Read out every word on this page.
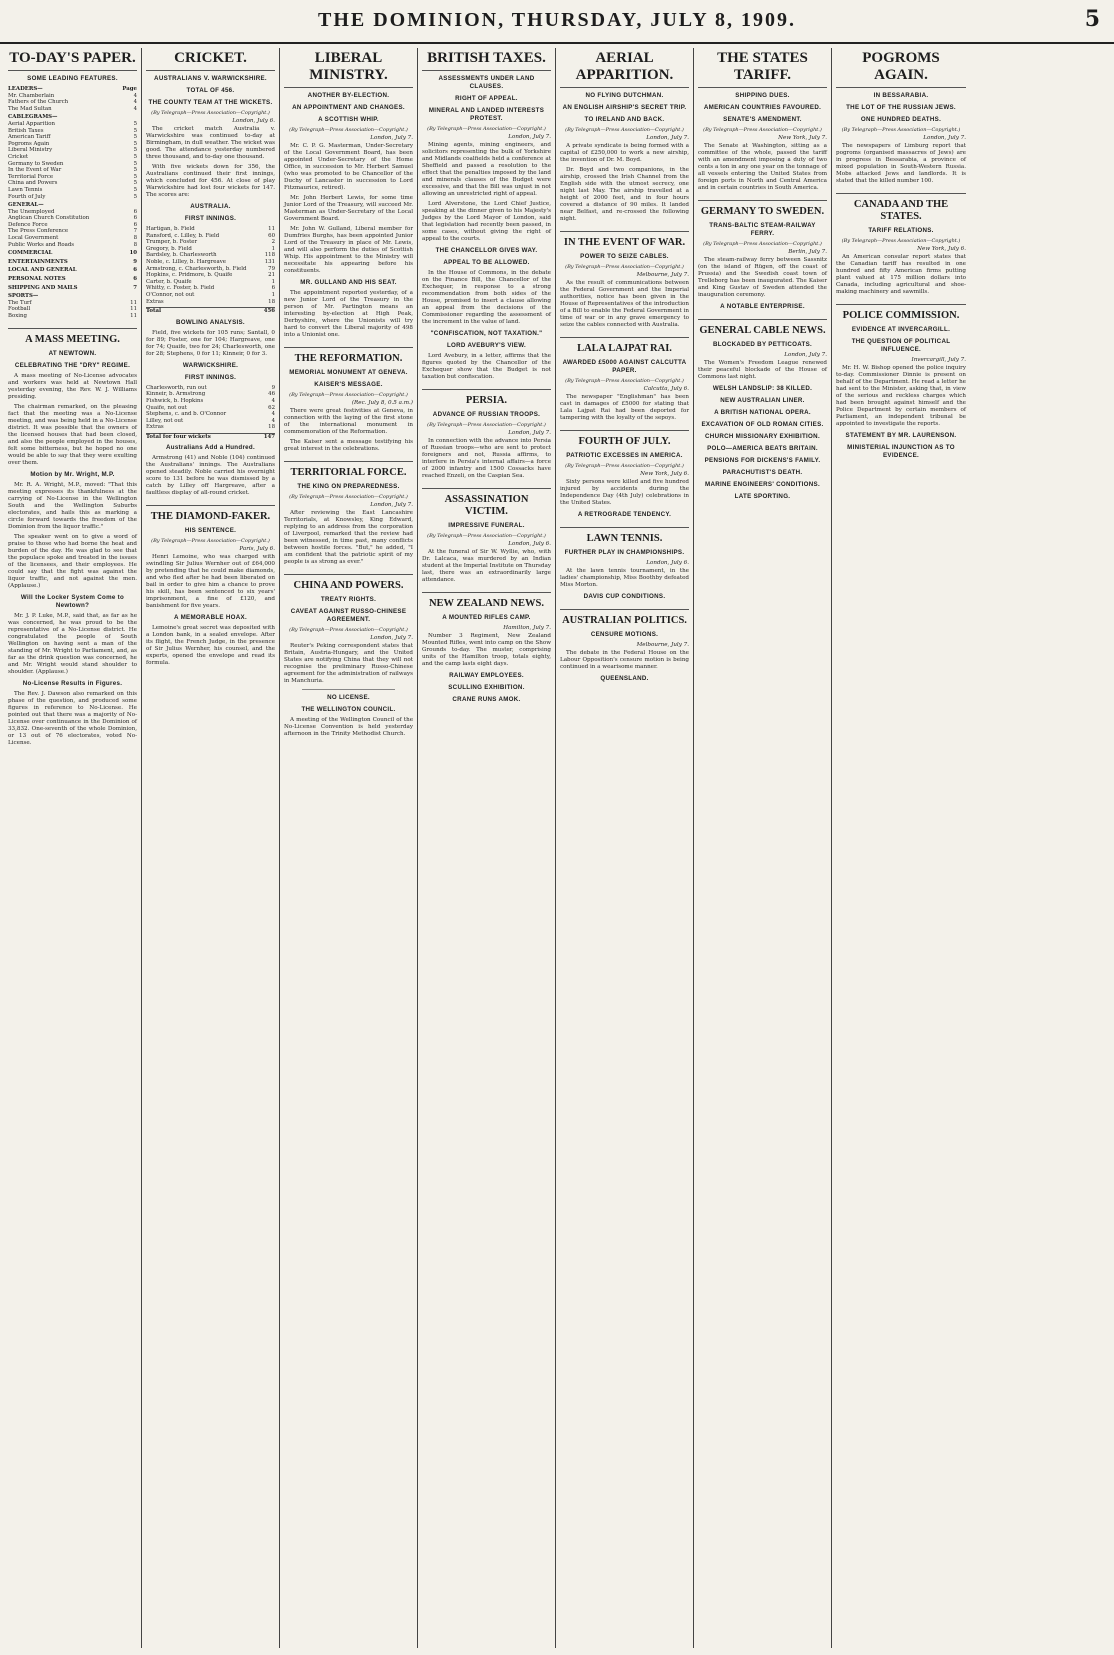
THE DOMINION, THURSDAY, JULY 8, 1909.	5
TO-DAY'S PAPER.
SOME LEADING FEATURES.
LEADERS—	Page
Mr. Chamberlain	4
Fathers of the Church	4
The Mad Sultan	4
CABLEGRAMS—
Aerial Apparition	5
British Taxes	5
American Tariff	5
Pogroms Again	5
Liberal Ministry	5
Cricket	5
Germany to Sweden	5
In the Event of War	5
Territorial Force	5
China and Powers	5
Lawn Tennis	5
Fourth of July	5
GENERAL—
The Unemployed	6
Anglican Church Constitution	6
Defence Force	6
The Press Conference	7
Local Government	8
Public Works and Roads	8
COMMERCIAL	10
ENTERTAINMENTS	9
LOCAL AND GENERAL	6
PERSONAL NOTES	6
SHIPPING AND MAILS	7
SPORTS—
The Turf	11
Football	11
Boxing	11
A MASS MEETING.
AT NEWTOWN.
CELEBRATING THE "DRY" REGIME.

A mass meeting of No-License advocates and workers was held at Newtown Hall yesterday evening, the Rev. W. J. Williams presiding.

The chairman remarked, on the pleasing fact that the meeting was a No-License meeting, and was being held in a No-License district. It was possible that the owners of the licensed houses that had been closed, and also the people employed in the houses, felt some bitterness, but he hoped no one would be able to say that they were exulting over them.

Motion by Mr. Wright, M.P.

Mr. R. A. Wright, M.P., moved: "That this meeting expresses its thankfulness at the carrying of No-License in the Wellington South and the Wellington Suburbs electorates, and hails this as marking a circle forward towards the freedom of the Dominion from the liquor traffic."

The speaker went on to give a word of praise to those who had borne the heat and burden of the day. He was glad to see that the populace spoke and treated in the issues of the licensees, and their employees. He could say that the fight was against the liquor traffic, and not against the men. (Applause.)

Will the Locker System Come to Newtown?

Mr. J. P. Luke, M.P., said that, as far as he was concerned, he was proud to be the representative of a No-License district. He congratulated the people of South Wellington on having sent a man of the standing of Mr. Wright to Parliament, and, as far as the drink question was concerned, he and Mr. Wright would stand shoulder to shoulder. (Applause.)

No-License Results in Figures.

The Rev. J. Dawson also remarked on this phase of the question, and produced some figures in reference to No-License. He pointed out that there was a majority of No-License over continuance in the Dominion of 33,832. One-seventh of the whole Dominion, or 13 out of 76 electorates, voted No-License.

CRICKET.
AUSTRALIANS V. WARWICKSHIRE.
TOTAL OF 456.
THE COUNTY TEAM AT THE WICKETS.
(By Telegraph—Press Association—Copyright.)
London, July 6.

The cricket match Australia v. Warwickshire was continued to-day at Birmingham, in dull weather. The wicket was good. The attendance yesterday numbered three thousand, and to-day one thousand.

With five wickets down for 356, the Australians continued their first innings, which concluded for 456. At close of play Warwickshire had lost four wickets for 147. The scores are:

AUSTRALIA.
FIRST INNINGS.
Hartigan, b. Field	11
Ransford, c. Lilley, b. Field	60
Trumper, b. Foster	2
Gregory, b. Field	1
Bardsley, b. Charlesworth	118
Noble, c. Lilley, b. Hargreave	131
Armstrong, c. Charlesworth, b. Field	79
Hopkins, c. Pridmore, b. Quaife	21
Carter, b. Quaife	1
Whitty, c. Foster, b. Field	6
O'Connor, not out	1
Extras	18
Total	456
BOWLING ANALYSIS.

Field, five wickets for 105 runs; Santall, 0 for 89; Foster, one for 104; Hargreave, one for 74; Quaife, two for 24; Charlesworth, one for 28; Stephens, 0 for 11; Kinneir, 0 for 3.

WARWICKSHIRE.
FIRST INNINGS.
Charlesworth, run out	9
Kinneir, b. Armstrong	46
Fishwick, b. Hopkins	4
Quaife, not out	62
Stephens, c. and b. O'Connor	4
Lilley, not out	4
Extras	18
Total for four wickets	147
Australians Add a Hundred.

Armstrong (41) and Noble (104) continued the Australians' innings. The Australians opened steadily. Noble carried his overnight score to 131 before he was dismissed by a catch by Lilley off Hargreave, after a faultless display of all-round cricket.

THE DIAMOND-FAKER.
HIS SENTENCE.
(By Telegraph—Press Association—Copyright.)
Paris, July 6.

Henri Lemoine, who was charged with swindling Sir Julius Wernher out of £64,000 by pretending that he could make diamonds, and who fled after he had been liberated on bail in order to give him a chance to prove his skill, has been sentenced to six years' imprisonment, a fine of £120, and banishment for five years.

A MEMORABLE HOAX.

Lemoine's great secret was deposited with a London bank, in a sealed envelope. After its flight, the French Judge, in the presence of Sir Julius Wernher, his counsel, and the experts, opened the envelope and read its formula.

LIBERAL MINISTRY.
ANOTHER BY-ELECTION.
AN APPOINTMENT AND CHANGES.
A SCOTTISH WHIP.
(By Telegraph—Press Association—Copyright.)
London, July 7.

Mr. C. P. G. Masterman, Under-Secretary of the Local Government Board, has been appointed Under-Secretary of the Home Office, in succession to Mr. Herbert Samuel (who was promoted to be Chancellor of the Duchy of Lancaster in succession to Lord Fitzmaurice, retired).

Mr. John Herbert Lewis, for some time Junior Lord of the Treasury, will succeed Mr. Masterman as Under-Secretary of the Local Government Board.

Mr. John W. Gulland, Liberal member for Dumfries Burghs, has been appointed Junior Lord of the Treasury in place of Mr. Lewis, and will also perform the duties of Scottish Whip. His appointment to the Ministry will necessitate his appearing before his constituents.

MR. GULLAND AND HIS SEAT.

The appointment reported yesterday, of a new Junior Lord of the Treasury in the person of Mr. Partington means an interesting by-election at High Peak, Derbyshire, where the Unionists will try hard to convert the Liberal majority of 498 into a Unionist one.

THE REFORMATION.
MEMORIAL MONUMENT AT GENEVA.
KAISER'S MESSAGE.
(By Telegraph—Press Association—Copyright.)
(Rec. July 8, 0.5 a.m.)

There were great festivities at Geneva, in connection with the laying of the first stone of the international monument in commemoration of the Reformation.

The Kaiser sent a message testifying his great interest in the celebrations.

TERRITORIAL FORCE.
THE KING ON PREPAREDNESS.
(By Telegraph—Press Association—Copyright.)
London, July 7.

After reviewing the East Lancashire Territorials, at Knowsley, King Edward, replying to an address from the corporation of Liverpool, remarked that the review had been witnessed, in time past, many conflicts between hostile forces. "But," he added, "I am confident that the patriotic spirit of my people is as strong as ever."

CHINA AND POWERS.
TREATY RIGHTS.
CAVEAT AGAINST RUSSO-CHINESE AGREEMENT.
(By Telegraph—Press Association—Copyright.)
London, July 7.

Reuter's Peking correspondent states that Britain, Austria-Hungary, and the United States are notifying China that they will not recognise the preliminary Russo-Chinese agreement for the administration of railways in Manchuria.

NO LICENSE.
THE WELLINGTON COUNCIL.

A meeting of the Wellington Council of the No-License Convention is held yesterday afternoon in the Trinity Methodist Church.

BRITISH TAXES.
ASSESSMENTS UNDER LAND CLAUSES.
RIGHT OF APPEAL.
MINERAL AND LANDED INTERESTS PROTEST.
(By Telegraph—Press Association—Copyright.)
London, July 7.

Mining agents, mining engineers, and solicitors representing the bulk of Yorkshire and Midlands coalfields held a conference at Sheffield and passed a resolution to the effect that the penalties imposed by the land and minerals clauses of the Budget were excessive, and that the Bill was unjust in not allowing an unrestricted right of appeal.

Lord Alverstone, the Lord Chief Justice, speaking at the dinner given to his Majesty's Judges by the Lord Mayor of London, said that legislation had recently been passed, in some cases, without giving the right of appeal to the courts.

THE CHANCELLOR GIVES WAY.
APPEAL TO BE ALLOWED.

In the House of Commons, in the debate on the Finance Bill, the Chancellor of the Exchequer, in response to a strong recommendation from both sides of the House, promised to insert a clause allowing an appeal from the decisions of the Commissioner regarding the assessment of the increment in the value of land.

"CONFISCATION, NOT TAXATION."
LORD AVEBURY'S VIEW.

Lord Avebury, in a letter, affirms that the figures quoted by the Chancellor of the Exchequer show that the Budget is not taxation but confiscation.

PERSIA.
ADVANCE OF RUSSIAN TROOPS.
(By Telegraph—Press Association—Copyright.)
London, July 7.

In connection with the advance into Persia of Russian troops—who are sent to protect foreigners and not, Russia affirms, to interfere in Persia's internal affairs—a force of 2000 infantry and 1500 Cossacks have reached Enzeli, on the Caspian Sea.

ASSASSINATION VICTIM.
IMPRESSIVE FUNERAL.
(By Telegraph—Press Association—Copyright.)
London, July 6.

At the funeral of Sir W. Wyllie, who, with Dr. Lalcaca, was murdered by an Indian student at the Imperial Institute on Thursday last, there was an extraordinarily large attendance.

NEW ZEALAND NEWS.
A MOUNTED RIFLES CAMP.
Hamilton, July 7.

Number 3 Regiment, New Zealand Mounted Rifles, went into camp on the Show Grounds to-day. The muster, comprising units of the Hamilton troop, totals eighty, and the camp lasts eight days.

RAILWAY EMPLOYEES.
SCULLING EXHIBITION.
CRANE RUNS AMOK.
AERIAL APPARITION.
NO FLYING DUTCHMAN.
AN ENGLISH AIRSHIP'S SECRET TRIP.
TO IRELAND AND BACK.
(By Telegraph—Press Association—Copyright.)
London, July 7.

A private syndicate is being formed with a capital of £250,000 to work a new airship, the invention of Dr. M. Boyd.

Dr. Boyd and two companions, in the airship, crossed the Irish Channel from the English side with the utmost secrecy, one night last May. The airship travelled at a height of 2000 feet, and in four hours covered a distance of 90 miles. It landed near Belfast, and re-crossed the following night.

IN THE EVENT OF WAR.
POWER TO SEIZE CABLES.
(By Telegraph—Press Association—Copyright.)
Melbourne, July 7.

As the result of communications between the Federal Government and the Imperial authorities, notice has been given in the House of Representatives of the introduction of a Bill to enable the Federal Government in time of war or in any grave emergency to seize the cables connected with Australia.

LALA LAJPAT RAI.
AWARDED £5000 AGAINST CALCUTTA PAPER.
(By Telegraph—Press Association—Copyright.)
Calcutta, July 6.

The newspaper "Englishman" has been cast in damages of £5000 for stating that Lala Lajpat Rai had been deported for tampering with the loyalty of the sepoys.

FOURTH OF JULY.
PATRIOTIC EXCESSES IN AMERICA.
(By Telegraph—Press Association—Copyright.)
New York, July 6.

Sixty persons were killed and five hundred injured by accidents during the Independence Day (4th July) celebrations in the United States.

A RETROGRADE TENDENCY.
LAWN TENNIS.
FURTHER PLAY IN CHAMPIONSHIPS.
London, July 6.

At the lawn tennis tournament, in the ladies' championship, Miss Boothby defeated Miss Morton.

DAVIS CUP CONDITIONS.
AUSTRALIAN POLITICS.
CENSURE MOTIONS.
Melbourne, July 7.

The debate in the Federal House on the Labour Opposition's censure motion is being continued in a wearisome manner.

QUEENSLAND.
THE STATES TARIFF.
SHIPPING DUES.
AMERICAN COUNTRIES FAVOURED.
SENATE'S AMENDMENT.
(By Telegraph—Press Association—Copyright.)
New York, July 7.

The Senate at Washington, sitting as a committee of the whole, passed the tariff with an amendment imposing a duty of two cents a ton in any one year on the tonnage of all vessels entering the United States from foreign ports in North and Central America and in certain countries in South America.

GERMANY TO SWEDEN.
TRANS-BALTIC STEAM-RAILWAY FERRY.
(By Telegraph—Press Association—Copyright.)
Berlin, July 7.

The steam-railway ferry between Sassnitz (on the island of Rügen, off the coast of Prussia) and the Swedish coast town of Trelleborg has been inaugurated. The Kaiser and King Gustav of Sweden attended the inauguration ceremony.

A NOTABLE ENTERPRISE.
GENERAL CABLE NEWS.
BLOCKADED BY PETTICOATS.
London, July 7.

The Women's Freedom League renewed their peaceful blockade of the House of Commons last night.

WELSH LANDSLIP: 38 KILLED.
NEW AUSTRALIAN LINER.
A BRITISH NATIONAL OPERA.
EXCAVATION OF OLD ROMAN CITIES.
CHURCH MISSIONARY EXHIBITION.
POLO—AMERICA BEATS BRITAIN.
PENSIONS FOR DICKENS'S FAMILY.
PARACHUTIST'S DEATH.
MARINE ENGINEERS' CONDITIONS.
LATE SPORTING.
POGROMS AGAIN.
IN BESSARABIA.
THE LOT OF THE RUSSIAN JEWS.
ONE HUNDRED DEATHS.
(By Telegraph—Press Association—Copyright.)
London, July 7.

The newspapers of Limburg report that pogroms (organised massacres of Jews) are in progress in Bessarabia, a province of mixed population in South-Western Russia. Mobs attacked Jews and landlords. It is stated that the killed number 100.

CANADA AND THE STATES.
TARIFF RELATIONS.
(By Telegraph—Press Association—Copyright.)
New York, July 6.

An American consular report states that the Canadian tariff has resulted in one hundred and fifty American firms putting plant valued at 175 million dollars into Canada, including agricultural and shoe-making machinery and sawmills.

POLICE COMMISSION.
EVIDENCE AT INVERCARGILL.
THE QUESTION OF POLITICAL INFLUENCE.
Invercargill, July 7.

Mr. H. W. Bishop opened the police inquiry to-day. Commissioner Dinnie is present on behalf of the Department. He read a letter he had sent to the Minister, asking that, in view of the serious and reckless charges which had been brought against himself and the Police Department by certain members of Parliament, an independent tribunal be appointed to investigate the reports.

STATEMENT BY MR. LAURENSON.
MINISTERIAL INJUNCTION AS TO EVIDENCE.
